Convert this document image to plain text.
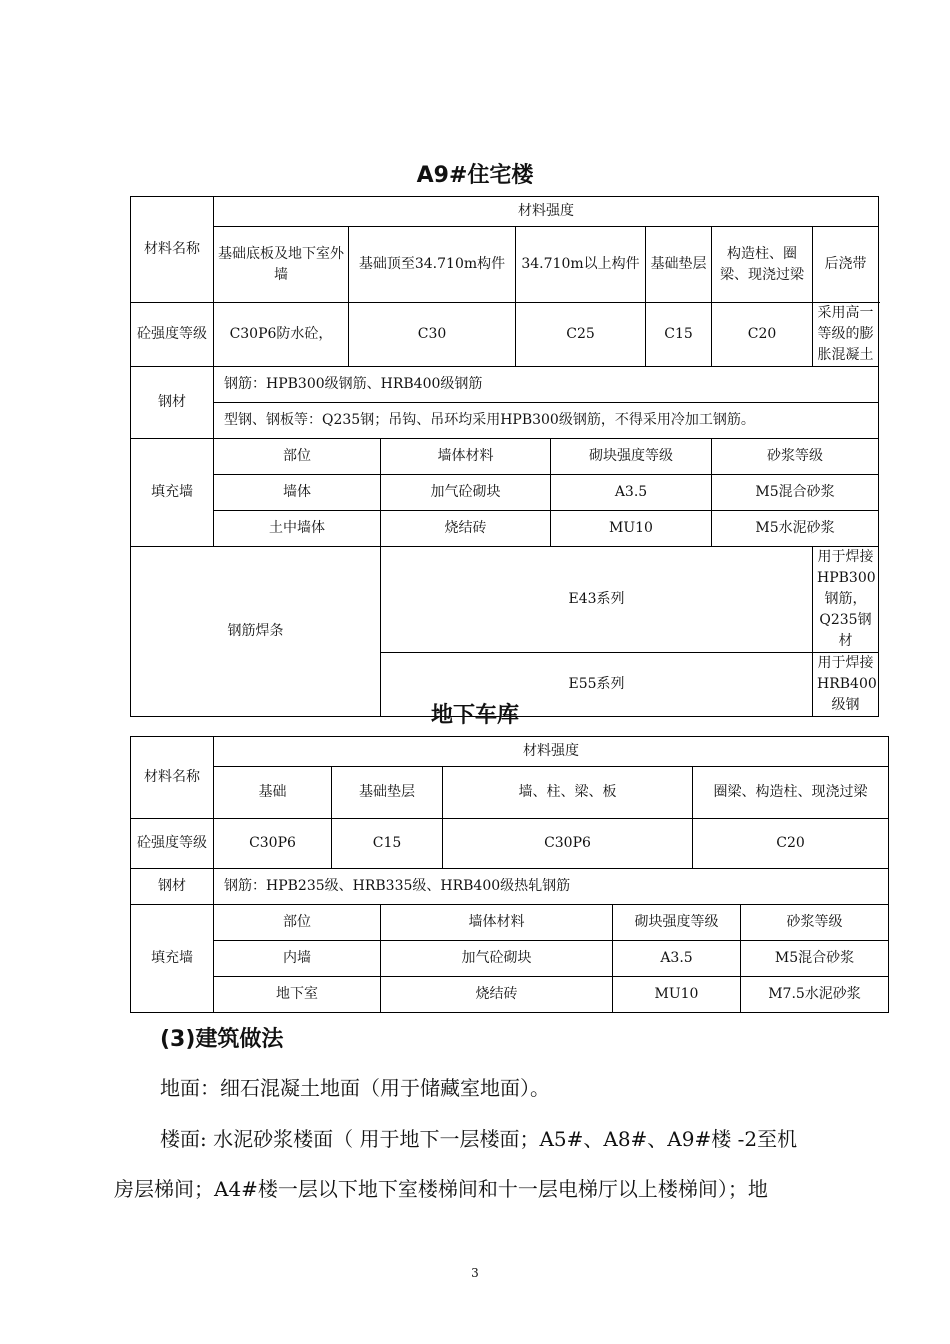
A9#住宅楼
材料名称	材料强度							
	基础底板及地下室外墙	基础顶至34.710m构件		34.710m以上构件		基础垫层	构造柱、圈梁、现浇过梁	后浇带
砼强度等级	C30P6防水砼，	C30		C25		C15	C20	采用高一等级的膨胀混凝土
钢材	钢筋：HPB300级钢筋、HRB400级钢筋							
	型钢、钢板等：Q235钢；吊钩、吊环均采用HPB300级钢筋，不得采用冷加工钢筋。							
填充墙	部位		墙体材料		砌块强度等级		砂浆等级	
	墙体		加气砼砌块		A3.5		M5混合砂浆	
	土中墙体		烧结砖		MU10		M5水泥砂浆	
钢筋焊条			E43系列					用于焊接HPB300钢筋，Q235钢材
			E55系列					用于焊接HRB400级钢
地下车库
材料名称	材料强度						
	基础	基础垫层		墙、柱、梁、板		圈梁、构造柱、现浇过梁	
砼强度等级	C30P6	C15		C30P6		C20	
钢材	钢筋：HPB235级、HRB335级、HRB400级热轧钢筋						
填充墙	部位		墙体材料		砌块强度等级		砂浆等级
	内墙		加气砼砌块		A3.5		M5混合砂浆
	地下室		烧结砖		MU10		M7.5水泥砂浆
(3)建筑做法
地面：细石混凝土地面（用于储藏室地面）。
楼面: 水泥砂浆楼面（ 用于地下一层楼面；A5#、A8#、A9#楼 -2至机
房层梯间；A4#楼一层以下地下室楼梯间和十一层电梯厅以上楼梯间）；地
3
